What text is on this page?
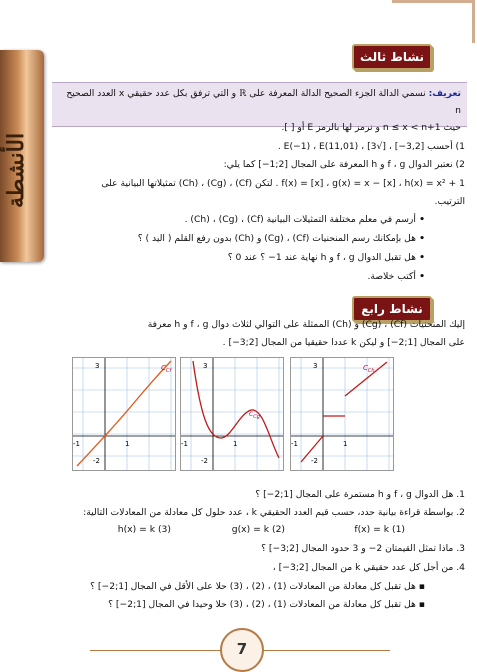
الأنشطة
نشاط ثالث
تعريف: نسمي الدالة الجزء الصحيح الدالة المعرفة على ℝ و التي ترفق بكل عدد حقيقي x العدد الصحيح n
حيث n ≤ x < n+1 و نرمز لها بالرمز E أو [ ].
1) أحسب [3,2−] ، [√3] ، E(−1) ، E(11,01) .
2) نعتبر الدوال f ، g و h المعرفة على المجال [2;1−] كما يلي:
f(x) = [x] ، g(x) = x − [x] ، h(x) = x² + 1 . لتكن (Cf) ، (Cg) ، (Ch) تمثيلاتها البيانية على
الترتيب.
• أرسم في معلم مختلفة التمثيلات البيانية (Cf) ، (Cg) ، (Ch) .
• هل بإمكانك رسم المنحنيات (Cf) ، (Cg) و (Ch) بدون رفع القلم ( اليد ) ؟
• هل تقبل الدوال f ، g و h نهاية عند 1− ؟ عند 0 ؟
• أكتب خلاصة.
نشاط رابع
إليك المنحنيات (Cf) ، (Cg) و (Ch) الممثلة على التوالي لثلاث دوال f ، g و h معرفة
على المجال [1;2−] و ليكن k عددا حقيقيا من المجال [2;3−] .
$C_{Cf}$
3
-2
-1	1
$C_{Cg}$
3
-2
-1	1
$C_{Ch}$
3
-2
-1	1
1. هل الدوال f ، g و h مستمرة على المجال [1;2−] ؟
2. بواسطة قراءة بيانية حدد، حسب قيم العدد الحقيقي k ، عدد حلول كل معادلة من المعادلات التالية:
f(x) = k (1)
g(x) = k (2)
h(x) = k (3)
3. ماذا تمثل القيمتان 2− و 3 حدود المجال [2;3−] ؟
4. من أجل كل عدد حقيقي k من المجال [2;3−] ،
▪ هل تقبل كل معادلة من المعادلات (1) ، (2) ، (3) حلا على الأقل في المجال [1;2−] ؟
▪ هل تقبل كل معادلة من المعادلات (1) ، (2) ، (3) حلا وحيدا في المجال [1;2−] ؟
7
